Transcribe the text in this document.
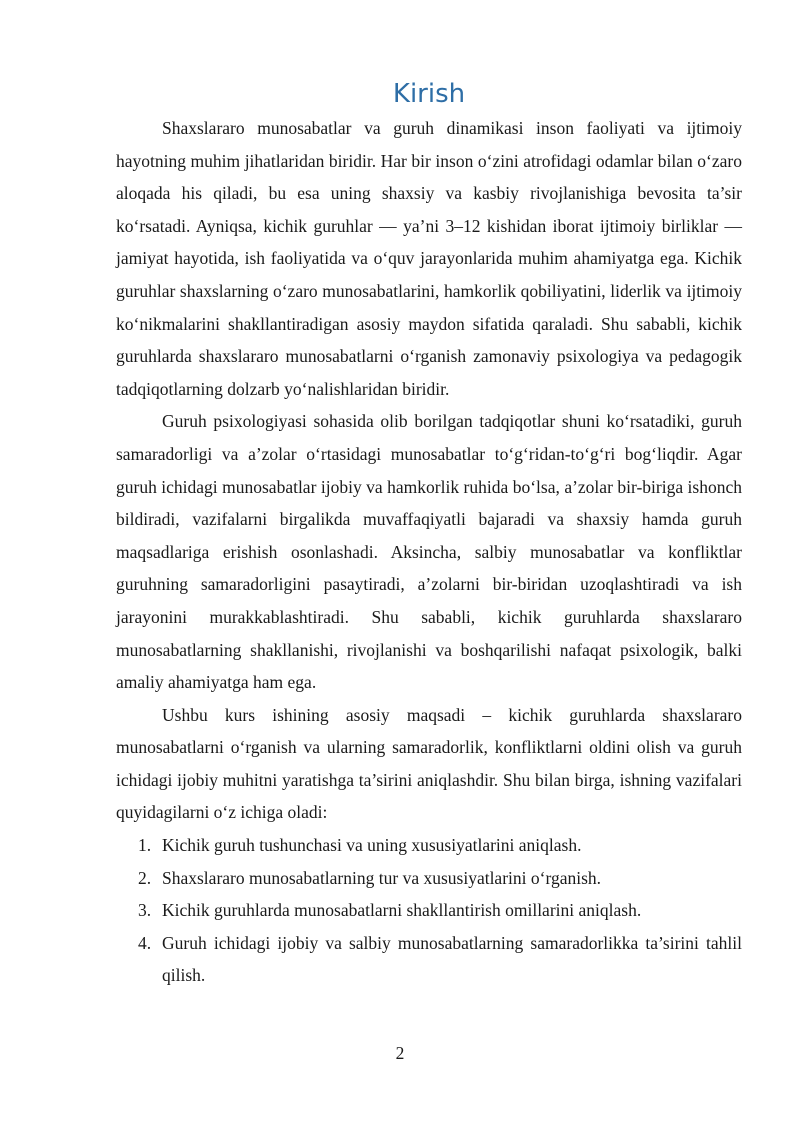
Kirish

Shaxslararo munosabatlar va guruh dinamikasi inson faoliyati va ijtimoiy hayotning muhim jihatlaridan biridir. Har bir inson o‘zini atrofidagi odamlar bilan o‘zaro aloqada his qiladi, bu esa uning shaxsiy va kasbiy rivojlanishiga bevosita ta’sir ko‘rsatadi. Ayniqsa, kichik guruhlar — ya’ni 3–12 kishidan iborat ijtimoiy birliklar — jamiyat hayotida, ish faoliyatida va o‘quv jarayonlarida muhim ahamiyatga ega. Kichik guruhlar shaxslarning o‘zaro munosabatlarini, hamkorlik qobiliyatini, liderlik va ijtimoiy ko‘nikmalarini shakllantiradigan asosiy maydon sifatida qaraladi. Shu sababli, kichik guruhlarda shaxslararo munosabatlarni o‘rganish zamonaviy psixologiya va pedagogik tadqiqotlarning dolzarb yo‘nalishlaridan biridir.

Guruh psixologiyasi sohasida olib borilgan tadqiqotlar shuni ko‘rsatadiki, guruh samaradorligi va a’zolar o‘rtasidagi munosabatlar to‘g‘ridan-to‘g‘ri bog‘liqdir. Agar guruh ichidagi munosabatlar ijobiy va hamkorlik ruhida bo‘lsa, a’zolar bir-biriga ishonch bildiradi, vazifalarni birgalikda muvaffaqiyatli bajaradi va shaxsiy hamda guruh maqsadlariga erishish osonlashadi. Aksincha, salbiy munosabatlar va konfliktlar guruhning samaradorligini pasaytiradi, a’zolarni bir-biridan uzoqlashtiradi va ish jarayonini murakkablashtiradi. Shu sababli, kichik guruhlarda shaxslararo munosabatlarning shakllanishi, rivojlanishi va boshqarilishi nafaqat psixologik, balki amaliy ahamiyatga ham ega.

Ushbu kurs ishining asosiy maqsadi – kichik guruhlarda shaxslararo munosabatlarni o‘rganish va ularning samaradorlik, konfliktlarni oldini olish va guruh ichidagi ijobiy muhitni yaratishga ta’sirini aniqlashdir. Shu bilan birga, ishning vazifalari quyidagilarni o‘z ichiga oladi:

1. Kichik guruh tushunchasi va uning xususiyatlarini aniqlash.
2. Shaxslararo munosabatlarning tur va xususiyatlarini o‘rganish.
3. Kichik guruhlarda munosabatlarni shakllantirish omillarini aniqlash.
4. Guruh ichidagi ijobiy va salbiy munosabatlarning samaradorlikka ta’sirini tahlil qilish.
2
